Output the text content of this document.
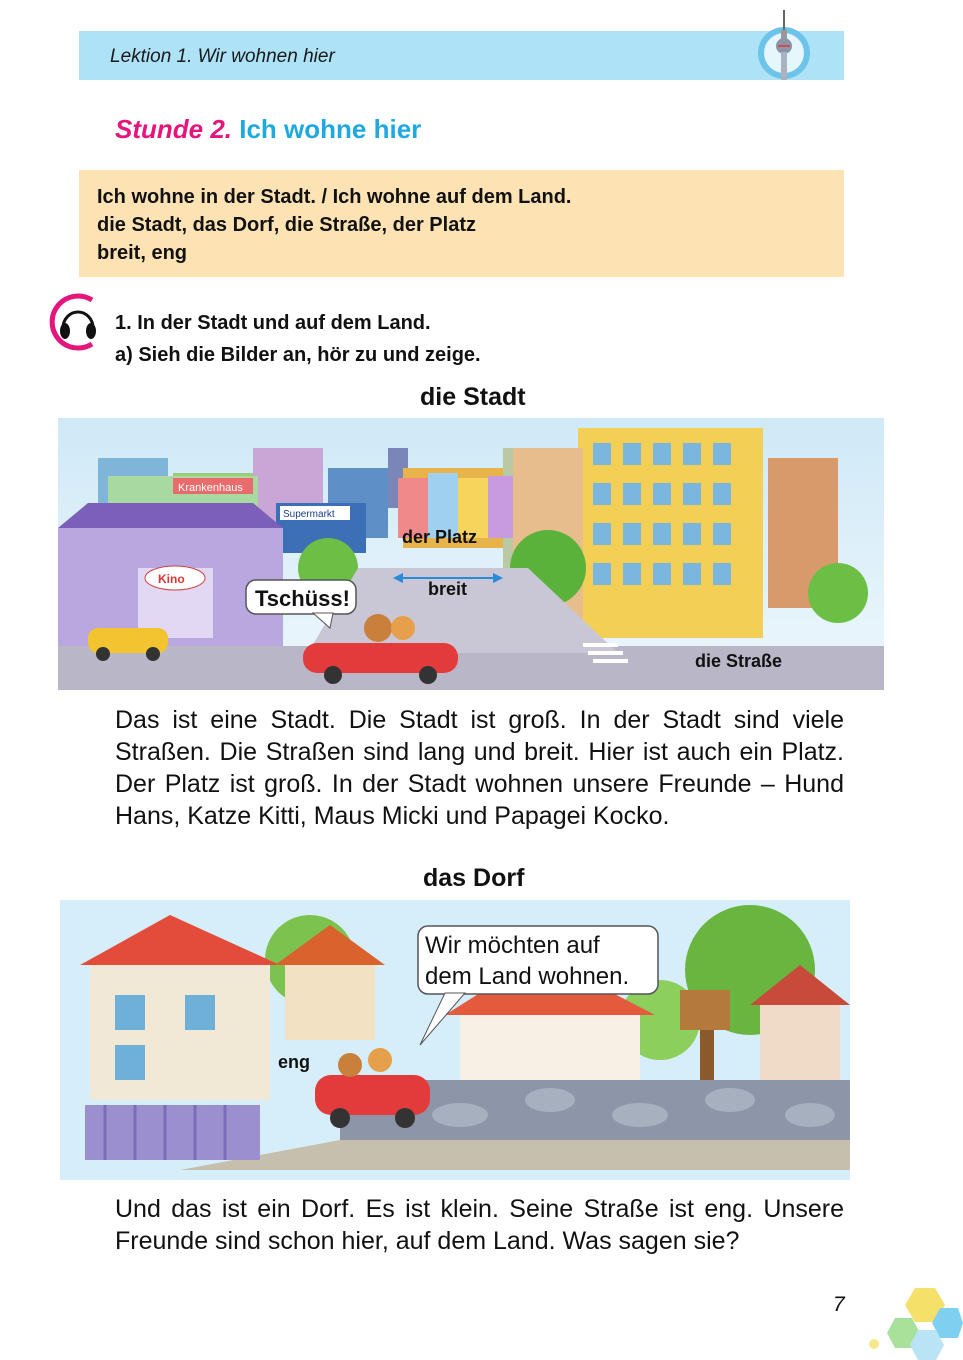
Lektion 1. Wir wohnen hier
Stunde 2. Ich wohne hier
Ich wohne in der Stadt. / Ich wohne auf dem Land.
die Stadt, das Dorf, die Straße, der Platz
breit, eng
1. In der Stadt und auf dem Land.
a) Sieh die Bilder an, hör zu und zeige.
die Stadt
Krankenhaus
Supermarkt
Kino
der Platz
breit
die Straße
Tschüss!
Das ist eine Stadt. Die Stadt ist groß. In der Stadt sind viele Straßen. Die Straßen sind lang und breit. Hier ist auch ein Platz. Der Platz ist groß. In der Stadt wohnen unsere Freunde – Hund Hans, Katze Kitti, Maus Micki und Papagei Kocko.
das Dorf
eng
Wir möchten auf
dem Land wohnen.
Und das ist ein Dorf. Es ist klein. Seine Straße ist eng. Unsere Freunde sind schon hier, auf dem Land. Was sagen sie?
7
